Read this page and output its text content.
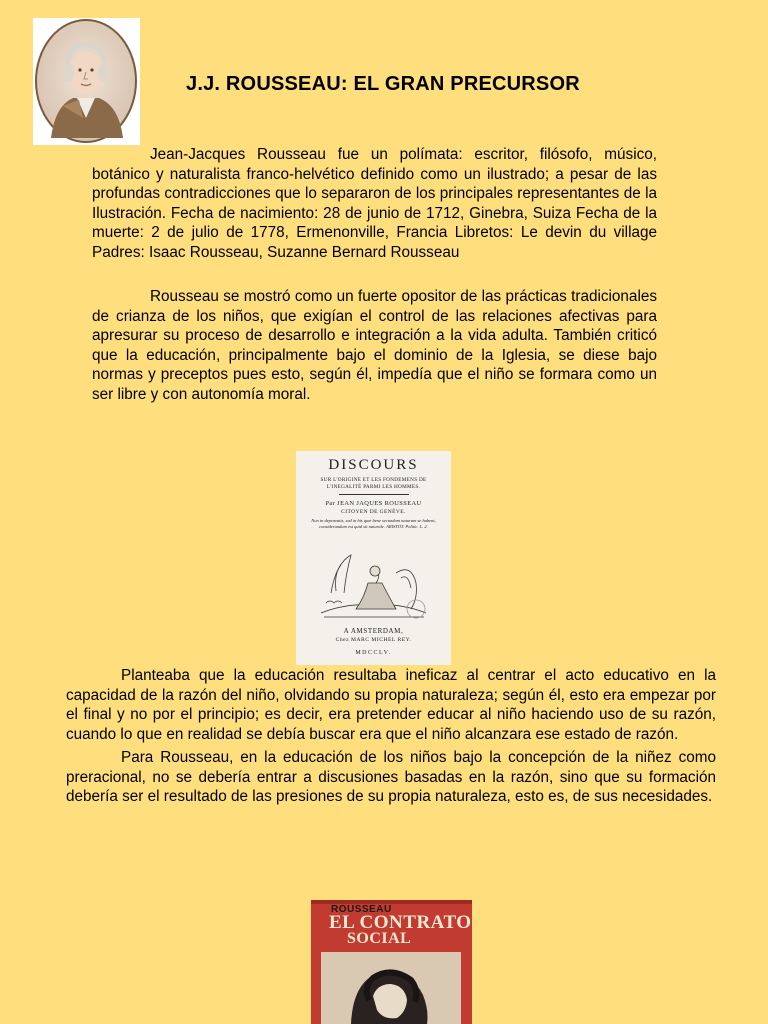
J.J. ROUSSEAU: EL GRAN PRECURSOR

Jean-Jacques Rousseau fue un polímata: escritor, filósofo, músico, botánico y naturalista franco-helvético definido como un ilustrado; a pesar de las profundas contradicciones que lo separaron de los principales representantes de la Ilustración. Fecha de nacimiento: 28 de junio de 1712, Ginebra, Suiza Fecha de la muerte: 2 de julio de 1778, Ermenonville, Francia Libretos: Le devin du village Padres: Isaac Rousseau, Suzanne Bernard Rousseau

Rousseau se mostró como un fuerte opositor de las prácticas tradicionales de crianza de los niños, que exigían el control de las relaciones afectivas para apresurar su proceso de desarrollo e integración a la vida adulta. También criticó que la educación, principalmente bajo el dominio de la Iglesia, se diese bajo normas y preceptos pues esto, según él, impedía que el niño se formara como un ser libre y con autonomía moral.

DISCOURS
SUR L'ORIGINE ET LES FONDEMENS DE L'INEGALITÉ PARMI LES HOMMES.
Par JEAN JAQUES ROUSSEAU
CITOYEN DE GENÈVE.
Non in depravatis, sed in his quæ bene secundum naturam se habent, considerandum est quid sit naturale. ARISTOT. Politic. L. 2.
A AMSTERDAM,
Chez MARC MICHEL REY.
MDCCLV.

Planteaba que la educación resultaba ineficaz al centrar el acto educativo en la capacidad de la razón del niño, olvidando su propia naturaleza; según él, esto era empezar por el final y no por el principio; es decir, era pretender educar al niño haciendo uso de su razón, cuando lo que en realidad se debía buscar era que el niño alcanzara ese estado de razón.

Para Rousseau, en la educación de los niños bajo la concepción de la niñez como preracional, no se debería entrar a discusiones basadas en la razón, sino que su formación debería ser el resultado de las presiones de su propia naturaleza, esto es, de sus necesidades.

ROUSSEAU
EL CONTRATO
SOCIAL
